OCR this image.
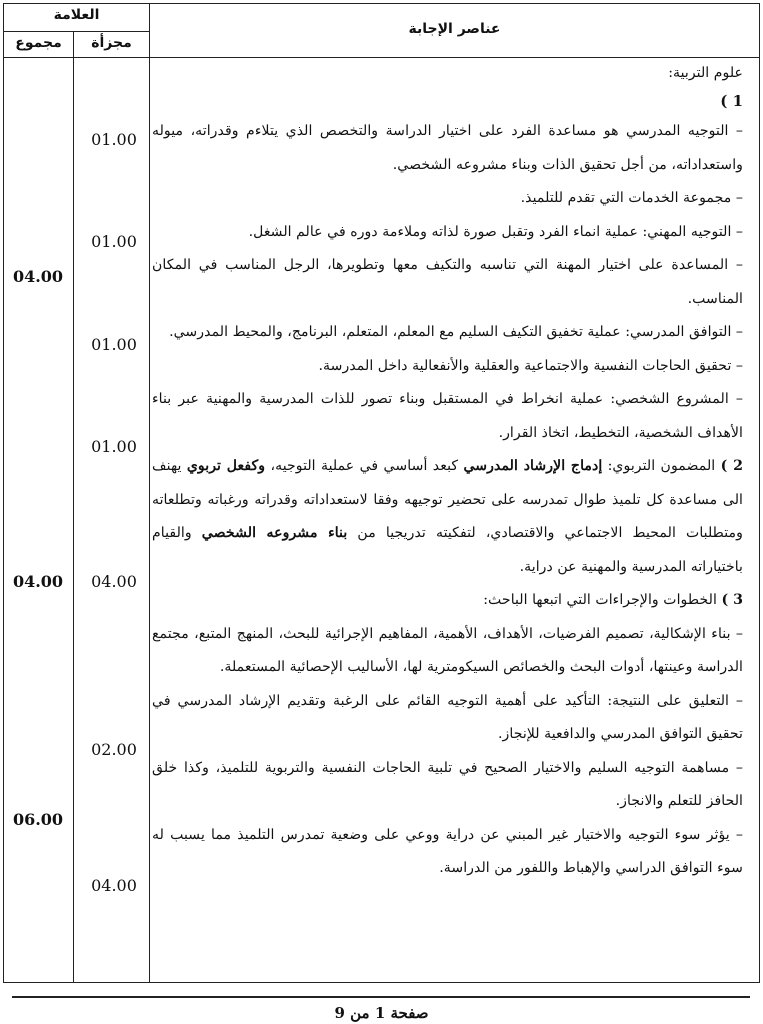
العلامة
مجموع	مجزأة
عناصر الإجابة
01.00
01.00
01.00
01.00
04.00
02.00
04.00
04.00
04.00
06.00

علوم التربية:

1 )

– التوجيه المدرسي هو مساعدة الفرد على اختيار الدراسة والتخصص الذي يتلاءم وقدراته، ميوله واستعداداته، من أجل تحقيق الذات وبناء مشروعه الشخصي.

– مجموعة الخدمات التي تقدم للتلميذ.

– التوجيه المهني: عملية انماء الفرد وتقبل صورة لذاته وملاءمة دوره في عالم الشغل.

– المساعدة على اختيار المهنة التي تناسبه والتكيف معها وتطويرها، الرجل المناسب في المكان المناسب.

– التوافق المدرسي: عملية تخفيق التكيف السليم مع المعلم، المتعلم، البرنامج، والمحيط المدرسي.

– تحقيق الحاجات النفسية والاجتماعية والعقلية والأنفعالية داخل المدرسة.

– المشروع الشخصي: عملية انخراط في المستقبل وبناء تصور للذات المدرسية والمهنية عبر بناء الأهداف الشخصية، التخطيط، اتخاذ القرار.

2 ) المضمون التربوي: إدماج الإرشاد المدرسي كبعد أساسي في عملية التوجيه، وكفعل تربوي يهنف الى مساعدة كل تلميذ طوال تمدرسه على تحضير توجيهه وفقا لاستعداداته وقدراته ورغباته وتطلعاته ومتطلبات المحيط الاجتماعي والاقتصادي، لتفكيته تدريجيا من بناء مشروعه الشخصي والقيام باختياراته المدرسية والمهنية عن دراية.

3 ) الخطوات والإجراءات التي اتبعها الباحث:

– بناء الإشكالية، تصميم الفرضيات، الأهداف، الأهمية، المفاهيم الإجرائية للبحث، المنهج المتبع، مجتمع الدراسة وعينتها، أدوات البحث والخصائص السيكومترية لها، الأساليب الإحصائية المستعملة.

– التعليق على النتيجة: التأكيد على أهمية التوجيه القائم على الرغبة وتقديم الإرشاد المدرسي في تحقيق التوافق المدرسي والدافعية للإنجاز.

– مساهمة التوجيه السليم والاختيار الصحيح في تلبية الحاجات النفسية والتربوية للتلميذ، وكذا خلق الحافز للتعلم والانجاز.

– يؤثر سوء التوجيه والاختيار غير المبني عن دراية ووعي على وضعية تمدرس التلميذ مما يسبب له سوء التوافق الدراسي والإهباط واللفور من الدراسة.

صفحة 1 من 9
